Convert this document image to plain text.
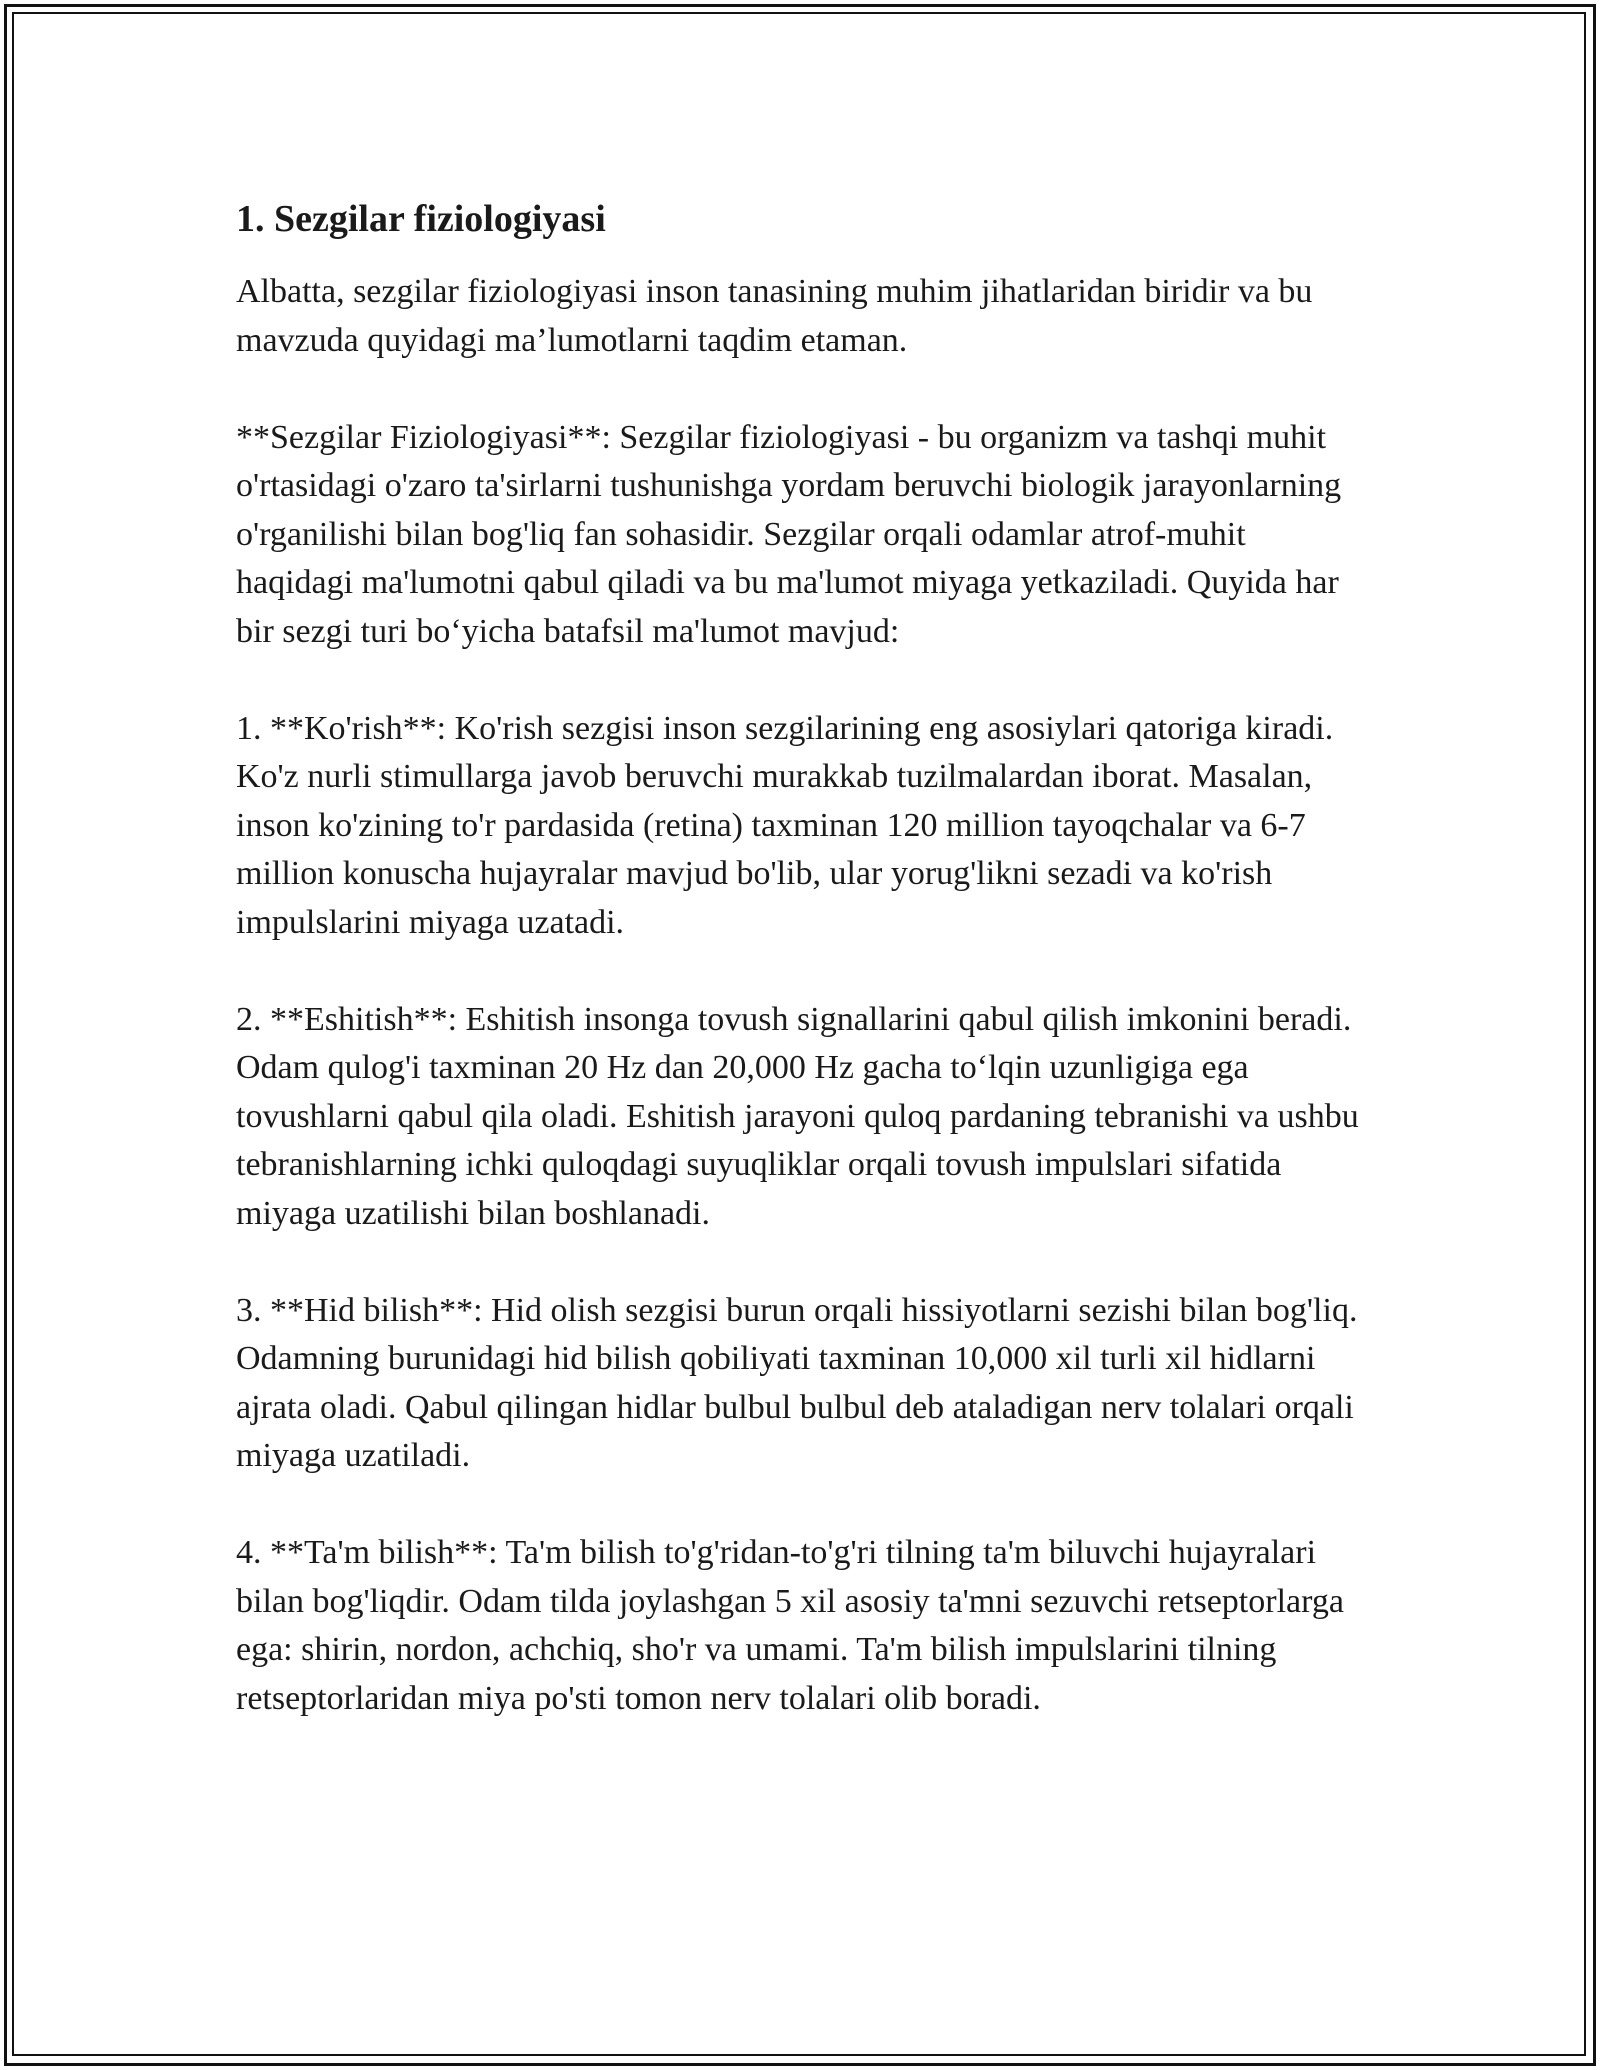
1. Sezgilar fiziologiyasi

Albatta, sezgilar fiziologiyasi inson tanasining muhim jihatlaridan biridir va bu mavzuda quyidagi ma’lumotlarni taqdim etaman.

**Sezgilar Fiziologiyasi**: Sezgilar fiziologiyasi - bu organizm va tashqi muhit o'rtasidagi o'zaro ta'sirlarni tushunishga yordam beruvchi biologik jarayonlarning o'rganilishi bilan bog'liq fan sohasidir. Sezgilar orqali odamlar atrof-muhit haqidagi ma'lumotni qabul qiladi va bu ma'lumot miyaga yetkaziladi. Quyida har bir sezgi turi bo‘yicha batafsil ma'lumot mavjud:

1. **Ko'rish**: Ko'rish sezgisi inson sezgilarining eng asosiylari qatoriga kiradi. Ko'z nurli stimullarga javob beruvchi murakkab tuzilmalardan iborat. Masalan, inson ko'zining to'r pardasida (retina) taxminan 120 million tayoqchalar va 6-7 million konuscha hujayralar mavjud bo'lib, ular yorug'likni sezadi va ko'rish impulslarini miyaga uzatadi.

2. **Eshitish**: Eshitish insonga tovush signallarini qabul qilish imkonini beradi. Odam qulog'i taxminan 20 Hz dan 20,000 Hz gacha to‘lqin uzunligiga ega tovushlarni qabul qila oladi. Eshitish jarayoni quloq pardaning tebranishi va ushbu tebranishlarning ichki quloqdagi suyuqliklar orqali tovush impulslari sifatida miyaga uzatilishi bilan boshlanadi.

3. **Hid bilish**: Hid olish sezgisi burun orqali hissiyotlarni sezishi bilan bog'liq. Odamning burunidagi hid bilish qobiliyati taxminan 10,000 xil turli xil hidlarni ajrata oladi. Qabul qilingan hidlar bulbul bulbul deb ataladigan nerv tolalari orqali miyaga uzatiladi.

4. **Ta'm bilish**: Ta'm bilish to'g'ridan-to'g'ri tilning ta'm biluvchi hujayralari bilan bog'liqdir. Odam tilda joylashgan 5 xil asosiy ta'mni sezuvchi retseptorlarga ega: shirin, nordon, achchiq, sho'r va umami. Ta'm bilish impulslarini tilning retseptorlaridan miya po'sti tomon nerv tolalari olib boradi.
